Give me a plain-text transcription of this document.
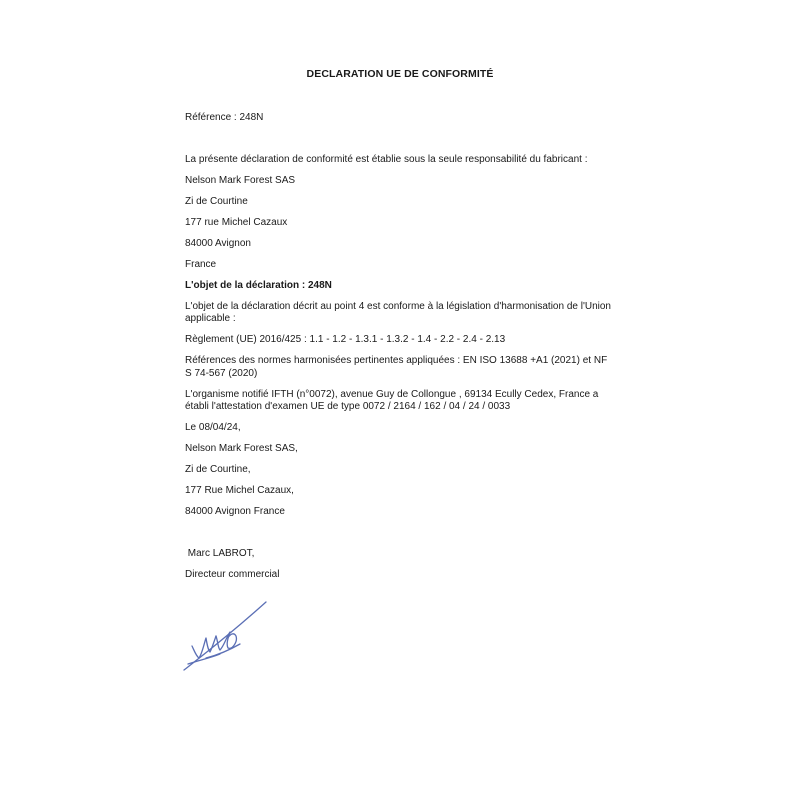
DECLARATION UE DE CONFORMITÉ
Référence : 248N
La présente déclaration de conformité est établie sous la seule responsabilité du fabricant :
Nelson Mark Forest SAS
Zi de Courtine
177 rue Michel Cazaux
84000 Avignon
France
L'objet de la déclaration : 248N
L'objet de la déclaration décrit au point 4 est conforme à la législation d'harmonisation de l'Union applicable :
Règlement (UE) 2016/425 : 1.1 - 1.2 - 1.3.1 - 1.3.2 - 1.4 - 2.2 - 2.4 - 2.13
Références des normes harmonisées pertinentes appliquées : EN ISO 13688 +A1 (2021) et NF S 74-567 (2020)
L'organisme notifié IFTH (n°0072), avenue Guy de Collongue , 69134 Ecully Cedex, France a établi l'attestation d'examen UE de type 0072 / 2164 / 162 / 04 / 24 / 0033
Le 08/04/24,
Nelson Mark Forest SAS,
Zi de Courtine,
177 Rue Michel Cazaux,
84000 Avignon France
Marc LABROT,
Directeur commercial
